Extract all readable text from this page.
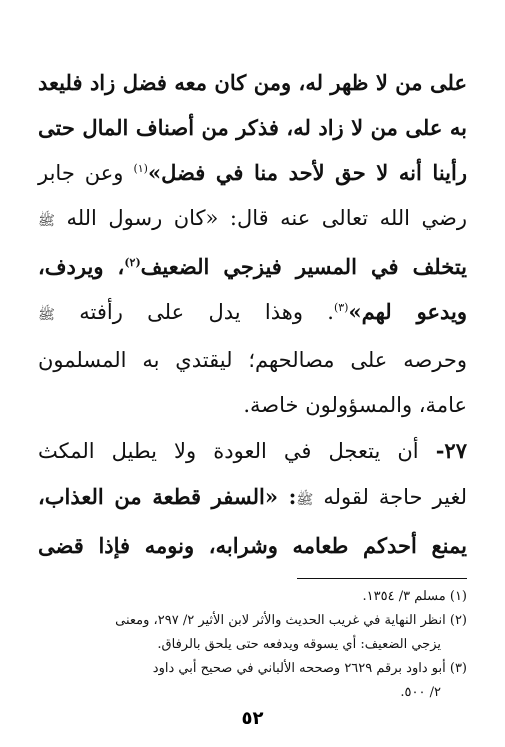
على من لا ظهر له، ومن كان معه فضل زاد فليعد
به على من لا زاد له، فذكر من أصناف المال حتى
رأينا أنه لا حق لأحد منا في فضل»$^{(١)}$ وعن جابر
رضي الله تعالى عنه قال: «كان رسول الله ﷺ
يتخلف في المسير فيزجي الضعيف$^{(٢)}$، ويردف،
ويدعو لهم»$^{(٣)}$. وهذا يدل على رأفته ﷺ
وحرصه على مصالحهم؛ ليقتدي به المسلمون
عامة، والمسؤولون خاصة.
٢٧- أن يتعجل في العودة ولا يطيل المكث
لغير حاجة لقوله ﷺ: «السفر قطعة من العذاب،
يمنع أحدكم طعامه وشرابه، ونومه فإذا قضى
(١) مسلم ٣/ ١٣٥٤.
(٢) انظر النهاية في غريب الحديث والأثر لابن الأثير ٢/ ٢٩٧، ومعنى
يزجي الضعيف: أي يسوقه ويدفعه حتى يلحق بالرفاق.
(٣) أبو داود برقم ٢٦٢٩ وصححه الألباني في صحيح أبي داود
٢/ ٥٠٠.
٥٢
